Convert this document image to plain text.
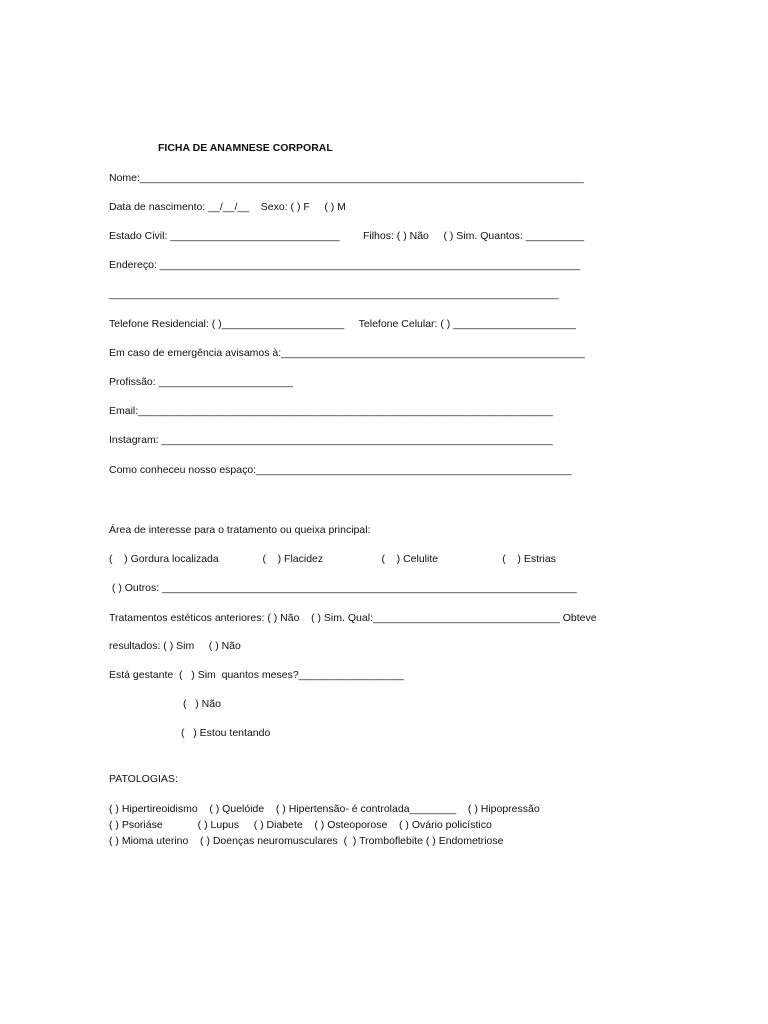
FICHA DE ANAMNESE CORPORAL
Nome:____________________________________________________________________________
Data de nascimento: __/__/__    Sexo: ( ) F     ( ) M
Estado Civil: _____________________________        Filhos: ( ) Não     ( ) Sim. Quantos: __________
Endereço: ________________________________________________________________________
_____________________________________________________________________________
Telefone Residencial: ( )_____________________     Telefone Celular: ( ) _____________________
Em caso de emergência avisamos à:____________________________________________________
Profissão: _______________________
Email:_______________________________________________________________________
Instagram: ___________________________________________________________________
Como conheceu nosso espaço:______________________________________________________
Área de interesse para o tratamento ou queixa principal:
(    ) Gordura localizada               (    ) Flacidez                    (    ) Celulite                      (    ) Estrias
( ) Outros: _______________________________________________________________________
Tratamentos estéticos anteriores: ( ) Não    ( ) Sim. Qual:________________________________ Obteve
resultados: ( ) Sim     ( ) Não
Está gestante  (   ) Sim  quantos meses?__________________
(   ) Não
(   ) Estou tentando
PATOLOGIAS:
( ) Hipertireoidismo    ( ) Quelóide    ( ) Hipertensão- é controlada________    ( ) Hipopressão
( ) Psoriáse            ( ) Lupus     ( ) Diabete    ( ) Osteoporose    ( ) Ovário policístico
( ) Mioma uterino    ( ) Doenças neuromusculares  (  ) Tromboflebite ( ) Endometriose
